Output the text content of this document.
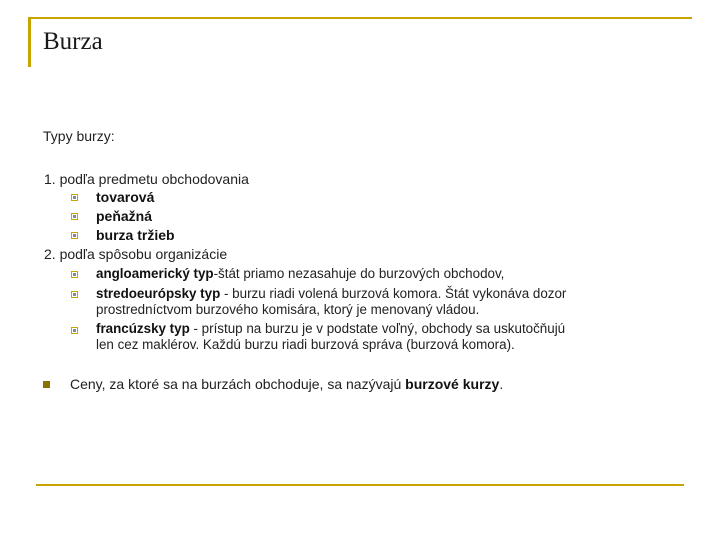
Burza
Typy burzy:
1. podľa predmetu obchodovania
tovarová
peňažná
burza tržieb
2. podľa spôsobu organizácie
angloamerický typ-štát priamo nezasahuje do burzových obchodov,
stredoeurópsky typ - burzu riadi volená burzová komora. Štát vykonáva dozor
prostredníctvom burzového komisára, ktorý je menovaný vládou.
francúzsky typ - prístup na burzu je v podstate voľný, obchody sa uskutočňujú
len cez maklérov. Každú burzu riadi burzová správa (burzová komora).
Ceny, za ktoré sa na burzách obchoduje, sa nazývajú burzové kurzy.
